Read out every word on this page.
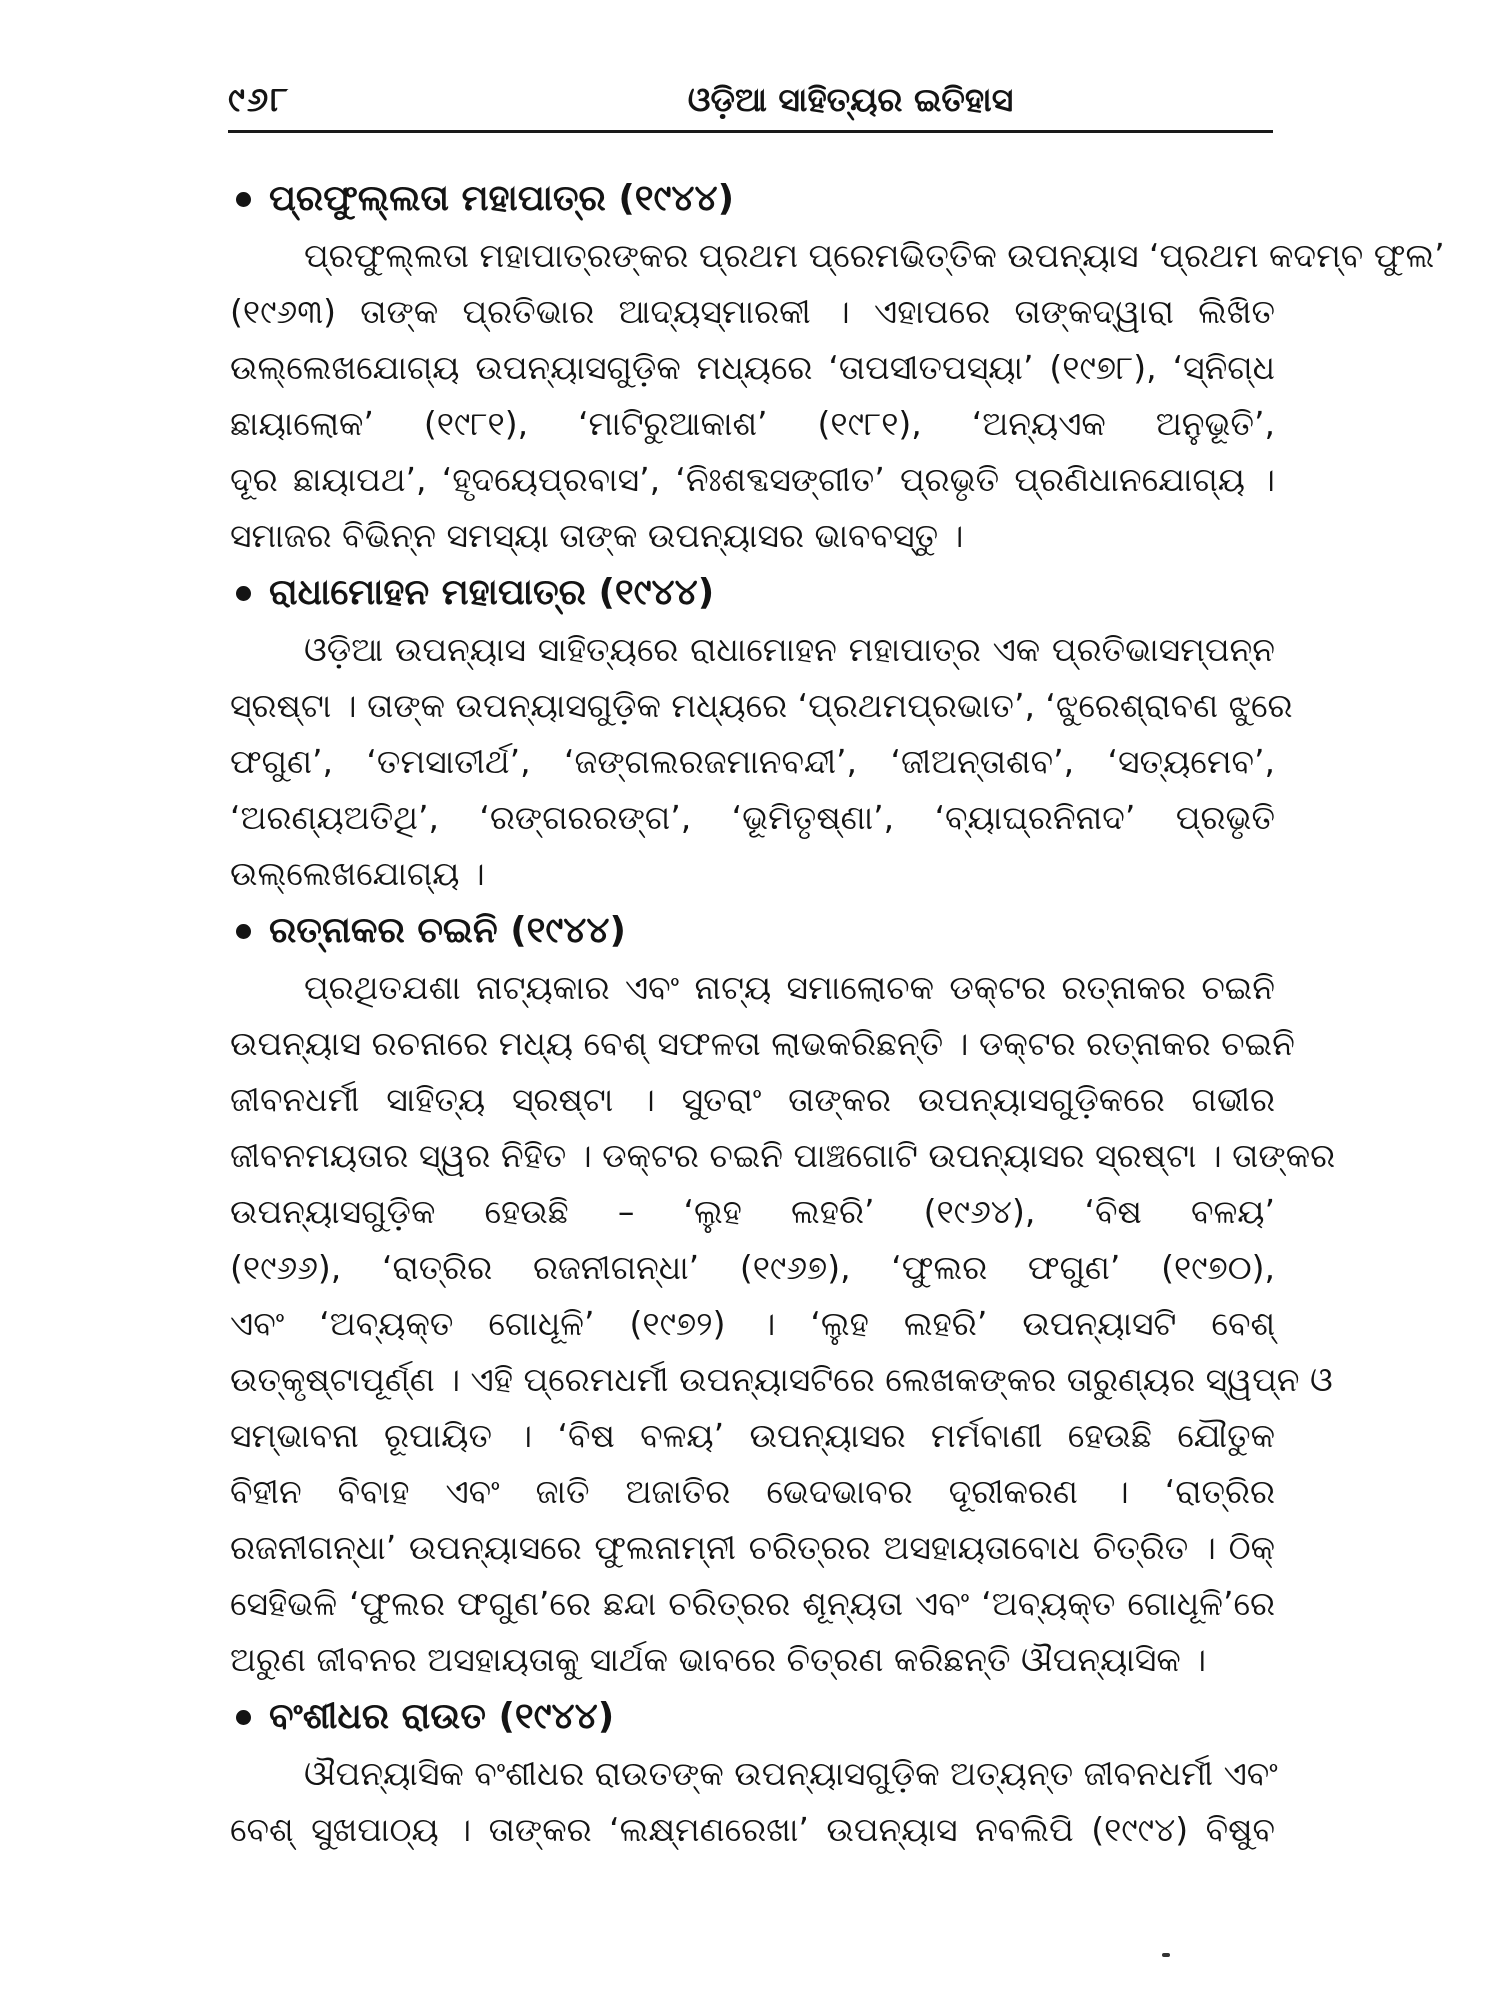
୯୬୮	ଓଡ଼ିଆ ସାହିତ୍ୟର ଇତିହାସ
ପ୍ରଫୁଲ୍ଲତା ମହାପାତ୍ର (୧୯୪୪)
ପ୍ରଫୁଲ୍ଲତା ମହାପାତ୍ରଙ୍କର ପ୍ରଥମ ପ୍ରେମଭିତ୍ତିକ ଉପନ୍ୟାସ ‘ପ୍ରଥମ କଦମ୍ବ ଫୁଲ’
(୧୯୬୩) ତାଙ୍କ ପ୍ରତିଭାର ଆଦ୍ୟସ୍ମାରକୀ । ଏହାପରେ ତାଙ୍କଦ୍ୱାରା ଲିଖିତ
ଉଲ୍ଲେଖଯୋଗ୍ୟ ଉପନ୍ୟାସଗୁଡ଼ିକ ମଧ୍ୟରେ ‘ତାପସୀତପସ୍ୟା’ (୧୯୭୮), ‘ସ୍ନିଗ୍ଧ
ଛାୟାଲୋକ’ (୧୯୮୧), ‘ମାଟିରୁଆକାଶ’ (୧୯୮୧), ‘ଅନ୍ୟଏକ ଅନୁଭୂତି’,
ଦୂର ଛାୟାପଥ’, ‘ହୃଦୟେପ୍ରବାସ’, ‘ନିଃଶବ୍ଦସଙ୍ଗୀତ’ ପ୍ରଭୃତି ପ୍ରଣିଧାନଯୋଗ୍ୟ ।
ସମାଜର ବିଭିନ୍ନ ସମସ୍ୟା ତାଙ୍କ ଉପନ୍ୟାସର ଭାବବସ୍ତୁ ।
ରାଧାମୋହନ ମହାପାତ୍ର (୧୯୪୪)
ଓଡ଼ିଆ ଉପନ୍ୟାସ ସାହିତ୍ୟରେ ରାଧାମୋହନ ମହାପାତ୍ର ଏକ ପ୍ରତିଭାସମ୍ପନ୍ନ
ସ୍ରଷ୍ଟା । ତାଙ୍କ ଉପନ୍ୟାସଗୁଡ଼ିକ ମଧ୍ୟରେ ‘ପ୍ରଥମପ୍ରଭାତ’, ‘ଝୁରେଶ୍ରାବଣ ଝୁରେ
ଫଗୁଣ’, ‘ତମସାତୀର୍ଥ’, ‘ଜଙ୍ଗଲରଜମାନବନ୍ଦୀ’, ‘ଜୀଅନ୍ତାଶବ’, ‘ସତ୍ୟମେବ’,
‘ଅରଣ୍ୟଅତିଥି’, ‘ରଙ୍ଗରରଙ୍ଗ’, ‘ଭୂମିତୃଷ୍ଣା’, ‘ବ୍ୟାଘ୍ରନିନାଦ’ ପ୍ରଭୃତି
ଉଲ୍ଲେଖଯୋଗ୍ୟ ।
ରତ୍ନାକର ଚଇନି (୧୯୪୪)
ପ୍ରଥିତଯଶା ନାଟ୍ୟକାର ଏବଂ ନାଟ୍ୟ ସମାଲୋଚକ ଡକ୍ଟର ରତ୍ନାକର ଚଇନି
ଉପନ୍ୟାସ ରଚନାରେ ମଧ୍ୟ ବେଶ୍ ସଫଳତା ଲାଭକରିଛନ୍ତି । ଡକ୍ଟର ରତ୍ନାକର ଚଇନି
ଜୀବନଧର୍ମୀ ସାହିତ୍ୟ ସ୍ରଷ୍ଟା । ସୁତରାଂ ତାଙ୍କର ଉପନ୍ୟାସଗୁଡ଼ିକରେ ଗଭୀର
ଜୀବନମୟତାର ସ୍ୱର ନିହିତ । ଡକ୍ଟର ଚଇନି ପାଞ୍ଚଗୋଟି ଉପନ୍ୟାସର ସ୍ରଷ୍ଟା । ତାଙ୍କର
ଉପନ୍ୟାସଗୁଡ଼ିକ ହେଉଛି – ‘ଲୁହ ଲହରି’ (୧୯୬୪), ‘ବିଷ ବଳୟ’
(୧୯୬୬), ‘ରାତ୍ରିର ରଜନୀଗନ୍ଧା’ (୧୯୬୭), ‘ଫୁଲର ଫଗୁଣ’ (୧୯୭୦),
ଏବଂ ‘ଅବ୍ୟକ୍ତ ଗୋଧୂଳି’ (୧୯୭୨) । ‘ଲୁହ ଲହରି’ ଉପନ୍ୟାସଟି ବେଶ୍
ଉତ୍କୃଷ୍ଟାପୂର୍ଣ୍ଣ । ଏହି ପ୍ରେମଧର୍ମୀ ଉପନ୍ୟାସଟିରେ ଲେଖକଙ୍କର ତାରୁଣ୍ୟର ସ୍ୱପ୍ନ ଓ
ସମ୍ଭାବନା ରୂପାୟିତ । ‘ବିଷ ବଳୟ’ ଉପନ୍ୟାସର ମର୍ମବାଣୀ ହେଉଛି ଯୌତୁକ
ବିହୀନ ବିବାହ ଏବଂ ଜାତି ଅଜାତିର ଭେଦଭାବର ଦୂରୀକରଣ । ‘ରାତ୍ରିର
ରଜନୀଗନ୍ଧା’ ଉପନ୍ୟାସରେ ଫୁଲନାମ୍ନୀ ଚରିତ୍ରର ଅସହାୟତାବୋଧ ଚିତ୍ରିତ । ଠିକ୍
ସେହିଭଳି ‘ଫୁଲର ଫଗୁଣ’ରେ ଛନ୍ଦା ଚରିତ୍ରର ଶୂନ୍ୟତା ଏବଂ ‘ଅବ୍ୟକ୍ତ ଗୋଧୂଳି’ରେ
ଅରୁଣ ଜୀବନର ଅସହାୟତାକୁ ସାର୍ଥକ ଭାବରେ ଚିତ୍ରଣ କରିଛନ୍ତି ଔପନ୍ୟାସିକ ।
ବଂଶୀଧର ରାଉତ (୧୯୪୪)
ଔପନ୍ୟାସିକ ବଂଶୀଧର ରାଉତଙ୍କ ଉପନ୍ୟାସଗୁଡ଼ିକ ଅତ୍ୟନ୍ତ ଜୀବନଧର୍ମୀ ଏବଂ
ବେଶ୍ ସୁଖପାଠ୍ୟ । ତାଙ୍କର ‘ଲକ୍ଷ୍ମଣରେଖା’ ଉପନ୍ୟାସ ନବଲିପି (୧୯୯୪) ବିଷୁବ
